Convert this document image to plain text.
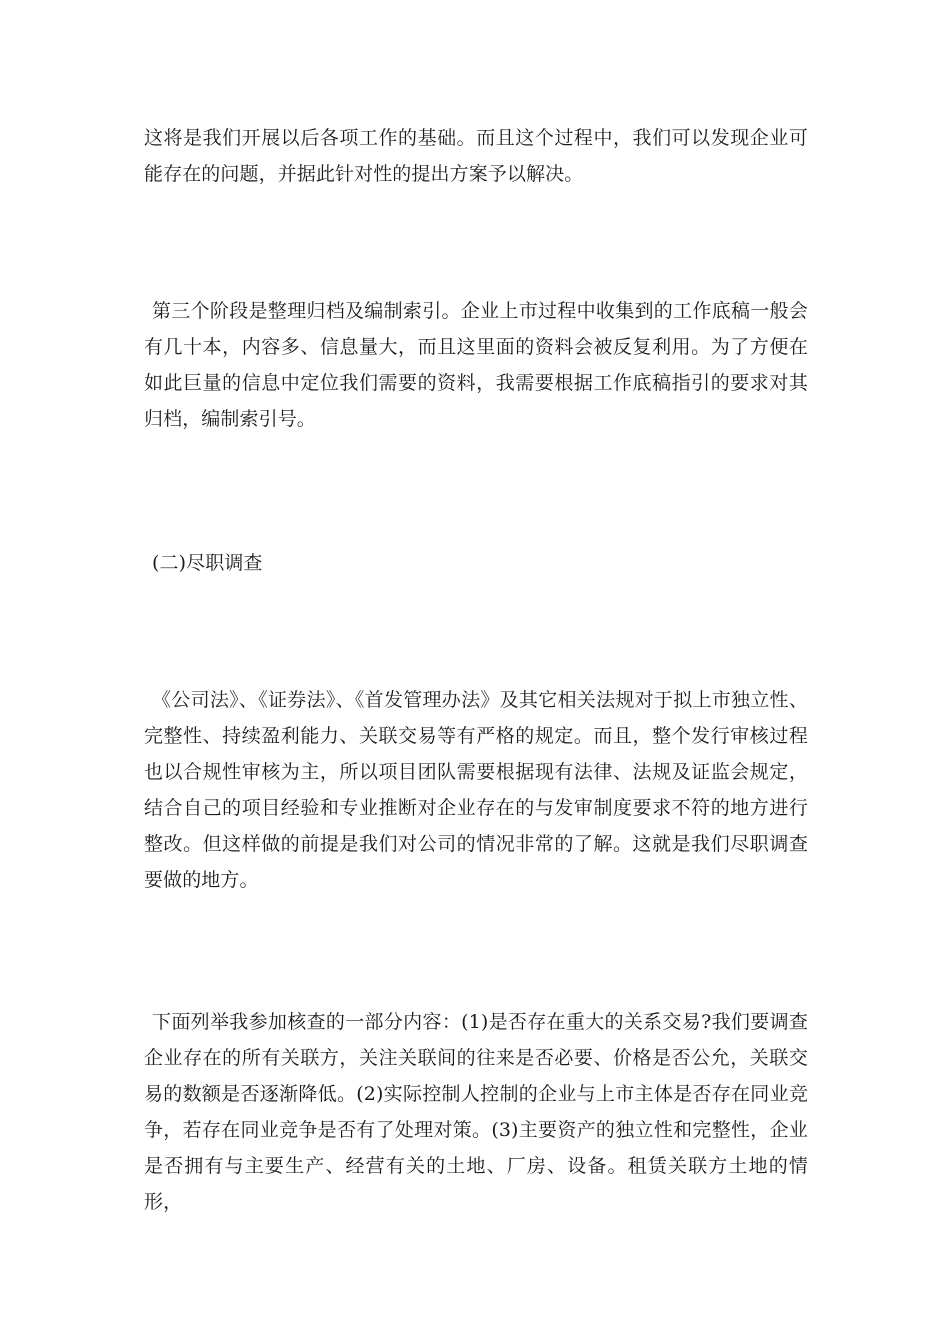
这将是我们开展以后各项工作的基础。而且这个过程中，我们可以发现企业可能存在的问题，并据此针对性的提出方案予以解决。

第三个阶段是整理归档及编制索引。企业上市过程中收集到的工作底稿一般会有几十本，内容多、信息量大，而且这里面的资料会被反复利用。为了方便在如此巨量的信息中定位我们需要的资料，我需要根据工作底稿指引的要求对其归档，编制索引号。

(二)尽职调查

《公司法》、《证券法》、《首发管理办法》及其它相关法规对于拟上市独立性、完整性、持续盈利能力、关联交易等有严格的规定。而且，整个发行审核过程也以合规性审核为主，所以项目团队需要根据现有法律、法规及证监会规定，结合自己的项目经验和专业推断对企业存在的与发审制度要求不符的地方进行整改。但这样做的前提是我们对公司的情况非常的了解。这就是我们尽职调查要做的地方。

下面列举我参加核查的一部分内容：(1)是否存在重大的关系交易?我们要调查企业存在的所有关联方，关注关联间的往来是否必要、价格是否公允，关联交易的数额是否逐渐降低。(2)实际控制人控制的企业与上市主体是否存在同业竞争，若存在同业竞争是否有了处理对策。(3)主要资产的独立性和完整性，企业是否拥有与主要生产、经营有关的土地、厂房、设备。租赁关联方土地的情形，
